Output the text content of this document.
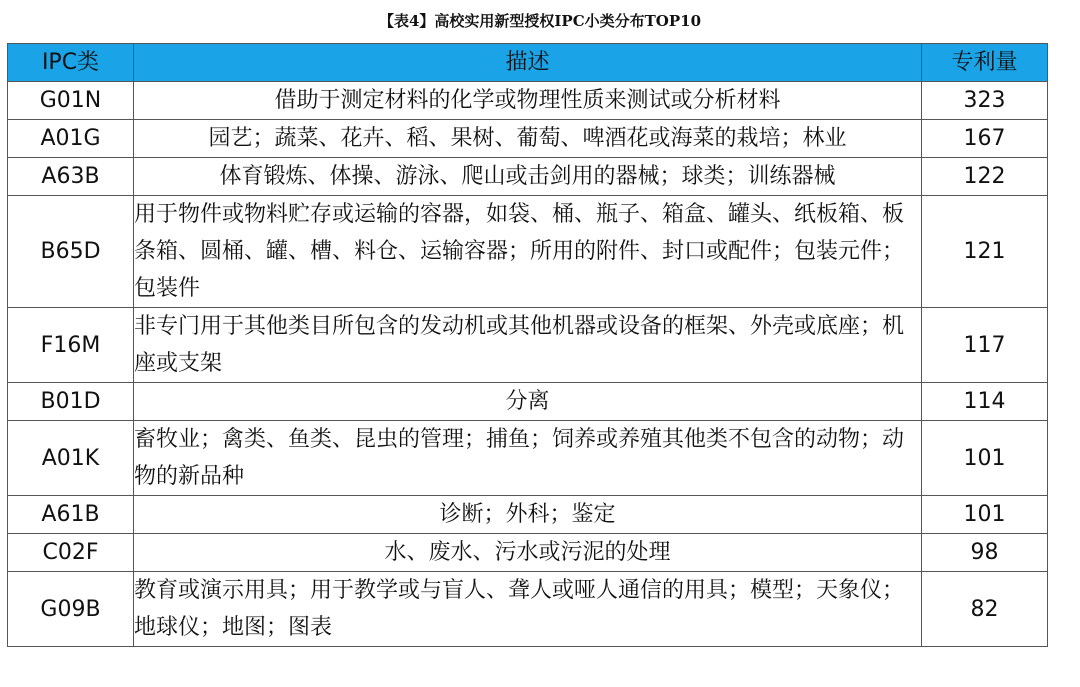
【表4】高校实用新型授权IPC小类分布TOP10
IPC类	描述	专利量
G01N	借助于测定材料的化学或物理性质来测试或分析材料	323
A01G	园艺；蔬菜、花卉、稻、果树、葡萄、啤酒花或海菜的栽培；林业	167
A63B	体育锻炼、体操、游泳、爬山或击剑用的器械；球类；训练器械	122
B65D	用于物件或物料贮存或运输的容器，如袋、桶、瓶子、箱盒、罐头、纸板箱、板条箱、圆桶、罐、槽、料仓、运输容器；所用的附件、封口或配件；包装元件；包装件	121
F16M	非专门用于其他类目所包含的发动机或其他机器或设备的框架、外壳或底座；机座或支架	117
B01D	分离	114
A01K	畜牧业；禽类、鱼类、昆虫的管理；捕鱼；饲养或养殖其他类不包含的动物；动物的新品种	101
A61B	诊断；外科；鉴定	101
C02F	水、废水、污水或污泥的处理	98
G09B	教育或演示用具；用于教学或与盲人、聋人或哑人通信的用具；模型；天象仪；地球仪；地图；图表	82
